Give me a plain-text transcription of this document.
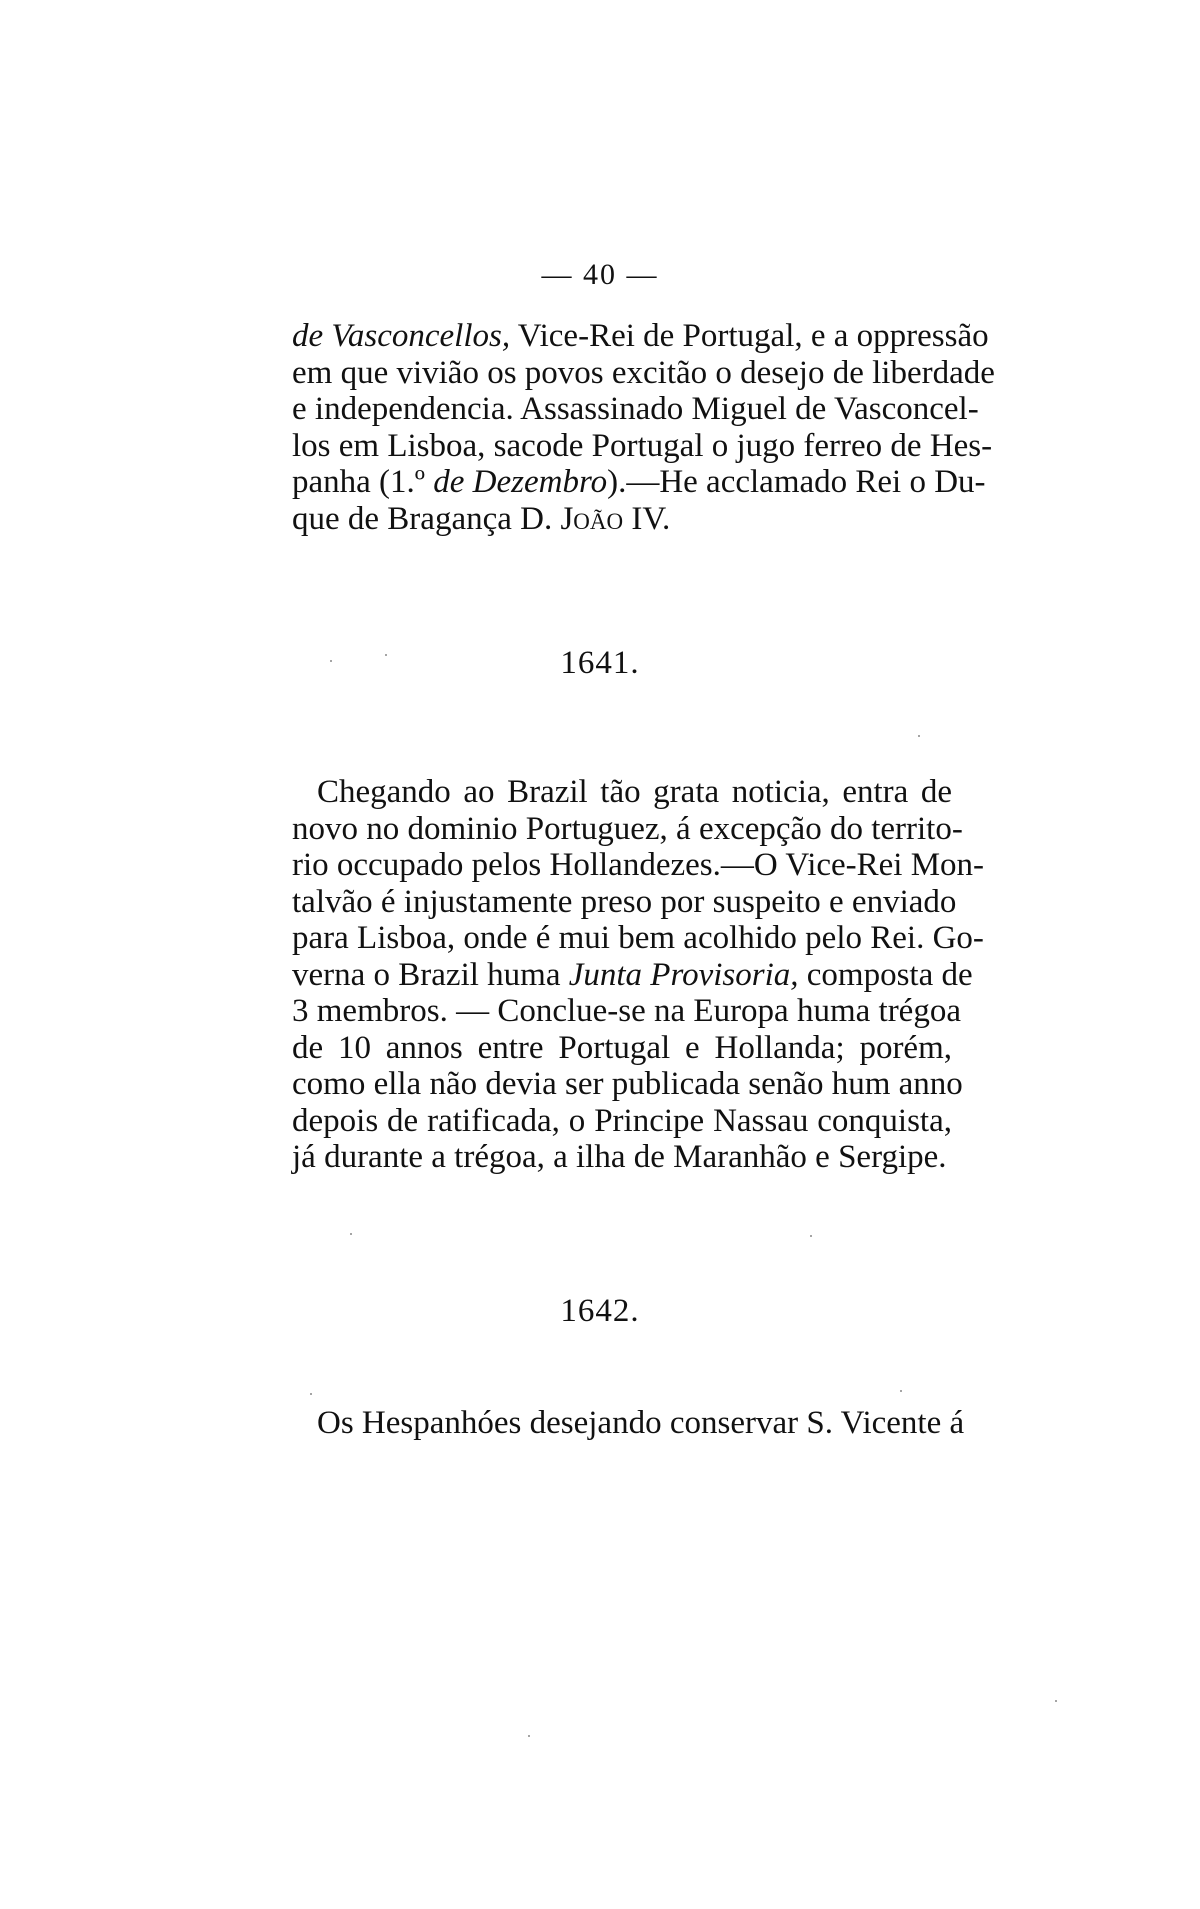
— 40 —
de Vasconcellos, Vice-Rei de Portugal, e a oppressão
em que vivião os povos excitão o desejo de liberdade
e independencia. Assassinado Miguel de Vasconcel-
los em Lisboa, sacode Portugal o jugo ferreo de Hes-
panha (1.º de Dezembro).—He acclamado Rei o Du-
que de Bragança D. João IV.
1641.
Chegando ao Brazil tão grata noticia, entra de
novo no dominio Portuguez, á excepção do territo-
rio occupado pelos Hollandezes.—O Vice-Rei Mon-
talvão é injustamente preso por suspeito e enviado
para Lisboa, onde é mui bem acolhido pelo Rei. Go-
verna o Brazil huma Junta Provisoria, composta de
3 membros. — Conclue-se na Europa huma trégoa
de 10 annos entre Portugal e Hollanda; porém,
como ella não devia ser publicada senão hum anno
depois de ratificada, o Principe Nassau conquista,
já durante a trégoa, a ilha de Maranhão e Sergipe.
1642.
Os Hespanhóes desejando conservar S. Vicente á
